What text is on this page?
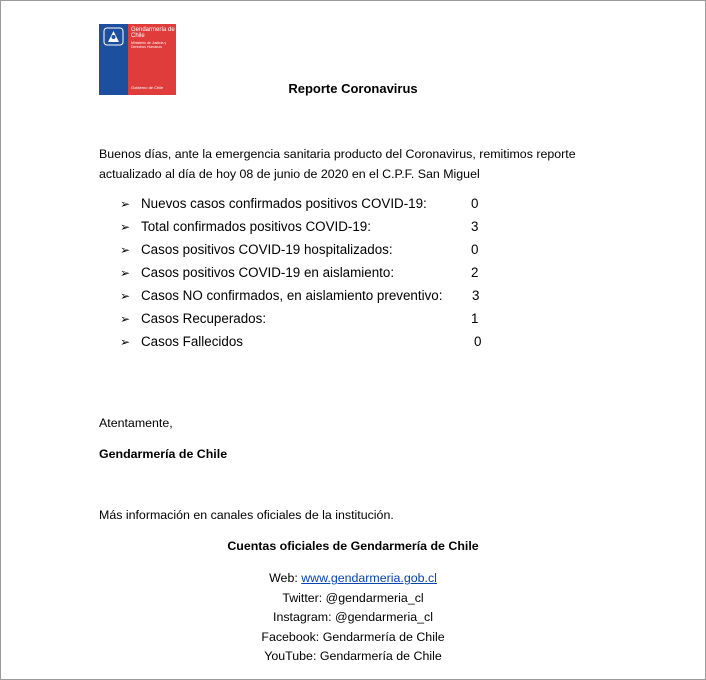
Gendarmería de Chile
Ministerio de Justicia y Derechos Humanos
Gobierno de Chile	Reporte Coronavirus
Buenos días, ante la emergencia sanitaria producto del Coronavirus, remitimos reporte actualizado al día de hoy 08 de junio de 2020 en el C.P.F. San Miguel
➢ Nuevos casos confirmados positivos COVID-19:	0
➢ Total confirmados positivos COVID-19:	3
➢ Casos positivos COVID-19 hospitalizados:	0
➢ Casos positivos COVID-19 en aislamiento:	2
➢ Casos NO confirmados, en aislamiento preventivo: 3
➢ Casos Recuperados:	1
➢ Casos Fallecidos	0
Atentamente,
Gendarmería de Chile
Más información en canales oficiales de la institución.
Cuentas oficiales de Gendarmería de Chile
Web: www.gendarmeria.gob.cl
Twitter: @gendarmeria_cl
Instagram: @gendarmeria_cl
Facebook: Gendarmería de Chile
YouTube: Gendarmería de Chile
